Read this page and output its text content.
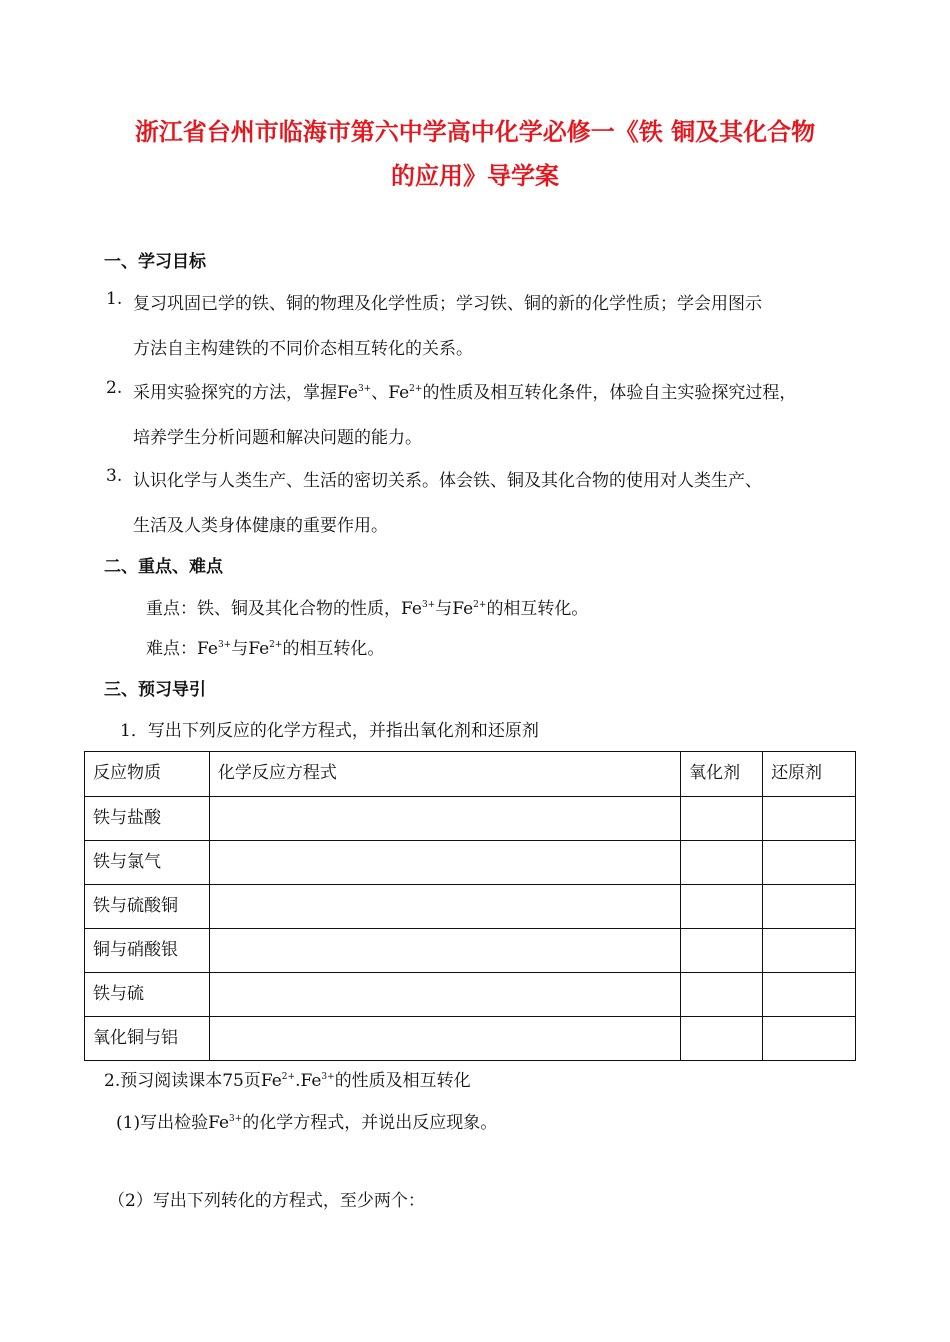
浙江省台州市临海市第六中学高中化学必修一《铁 铜及其化合物
的应用》导学案
一、学习目标
1. 复习巩固已学的铁、铜的物理及化学性质；学习铁、铜的新的化学性质；学会用图示
方法自主构建铁的不同价态相互转化的关系。
2. 采用实验探究的方法，掌握$Fe^{3+}$、$Fe^{2+}$的性质及相互转化条件，体验自主实验探究过程，
培养学生分析问题和解决问题的能力。
3. 认识化学与人类生产、生活的密切关系。体会铁、铜及其化合物的使用对人类生产、
生活及人类身体健康的重要作用。
二、重点、难点
重点：铁、铜及其化合物的性质，$Fe^{3+}$与$Fe^{2+}$的相互转化。
难点：$Fe^{3+}$与$Fe^{2+}$的相互转化。
三、预习导引
1．写出下列反应的化学方程式，并指出氧化剂和还原剂
反应物质	化学反应方程式	氧化剂	还原剂
铁与盐酸			
铁与氯气			
铁与硫酸铜			
铜与硝酸银			
铁与硫			
氧化铜与铝			
2.预习阅读课本75页$Fe^{2+}.Fe^{3+}$的性质及相互转化
(1)写出检验$Fe^{3+}$的化学方程式，并说出反应现象。
（2）写出下列转化的方程式，至少两个：
